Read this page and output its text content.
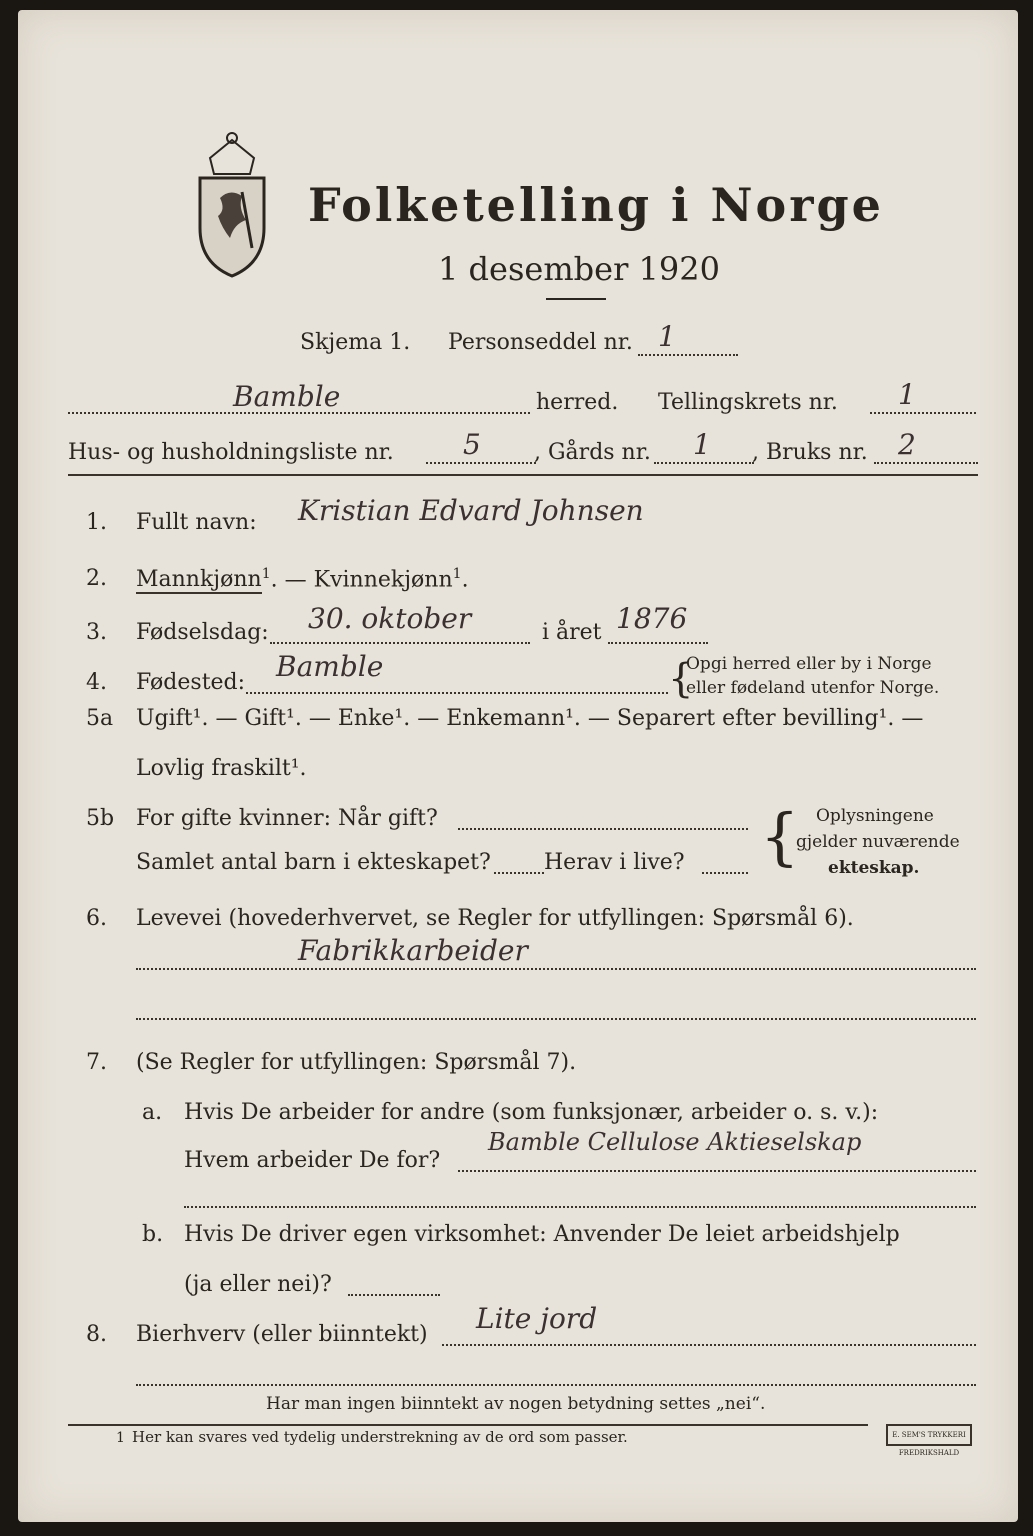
Folketelling i Norge
1 desember 1920
Skjema 1. Personseddel nr. 1
Bamble	herred. Tellingskrets nr. 1
Hus- og husholdningsliste nr. 5 , Gårds nr. 1 , Bruks nr. 2
1. Fullt navn: Kristian Edvard Johnsen
2. Mannkjønn$^1$. — Kvinnekjønn$^1$.
3. Fødselsdag: 30. oktober	i året 1876
4. Fødested: Bamble	{
Opgi herred eller by i Norge
eller fødeland utenfor Norge.
5a Ugift¹. — Gift¹. — Enke¹. — Enkemann¹. — Separert efter bevilling¹. —
Lovlig fraskilt¹.
5b For gifte kvinner: Når gift?
Samlet antal barn i ekteskapet? Herav i live? { Oplysningene
gjelder nuværende
ekteskap.
6. Levevei (hovederhvervet, se Regler for utfyllingen: Spørsmål 6).
Fabrikkarbeider
7. (Se Regler for utfyllingen: Spørsmål 7).
a. Hvis De arbeider for andre (som funksjonær, arbeider o. s. v.):
Hvem arbeider De for?
Bamble Cellulose Aktieselskap
b. Hvis De driver egen virksomhet: Anvender De leiet arbeidshjelp
(ja eller nei)?
8. Bierhverv (eller biinntekt) Lite jord
Har man ingen biinntekt av nogen betydning settes „nei“.
1 Her kan svares ved tydelig understrekning av de ord som passer.	E. SEM'S TRYKKERI FREDRIKSHALD
